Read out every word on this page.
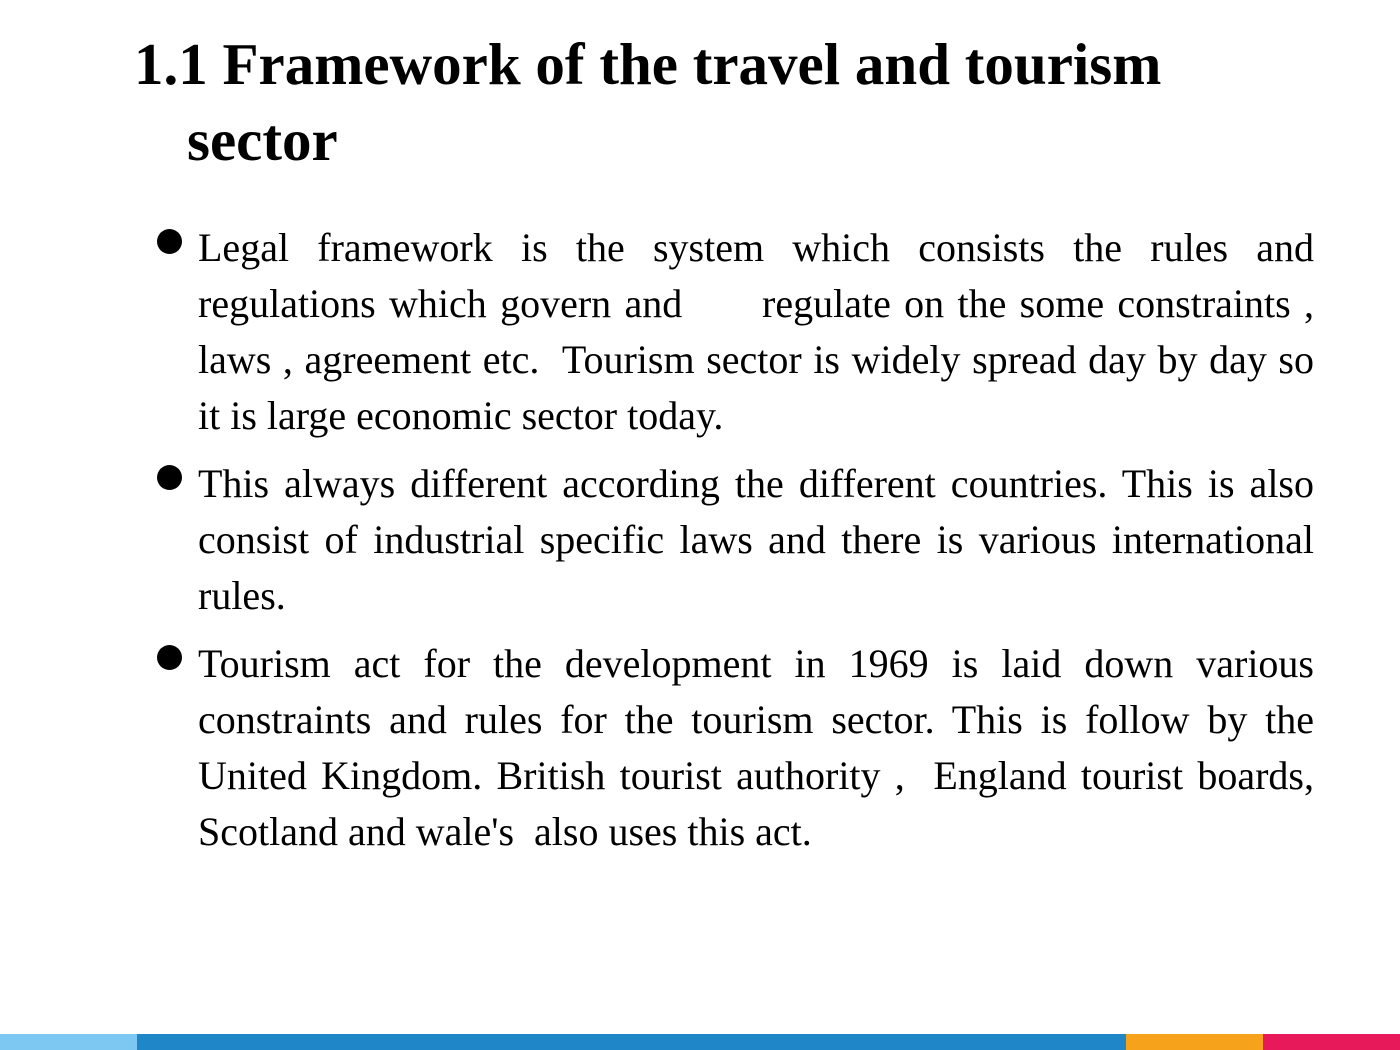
1.1 Framework of the travel and tourism
sector
Legal framework is the system which consists the rules and regulations which govern and      regulate on the some constraints , laws , agreement etc.  Tourism sector is widely spread day by day so it is large economic sector today.
This always different according the different countries. This is also consist of industrial specific laws and there is various international rules.
Tourism act for the development in 1969 is laid down various constraints and rules for the tourism sector. This is follow by the United Kingdom. British tourist authority ,  England tourist boards, Scotland and wale's  also uses this act.
